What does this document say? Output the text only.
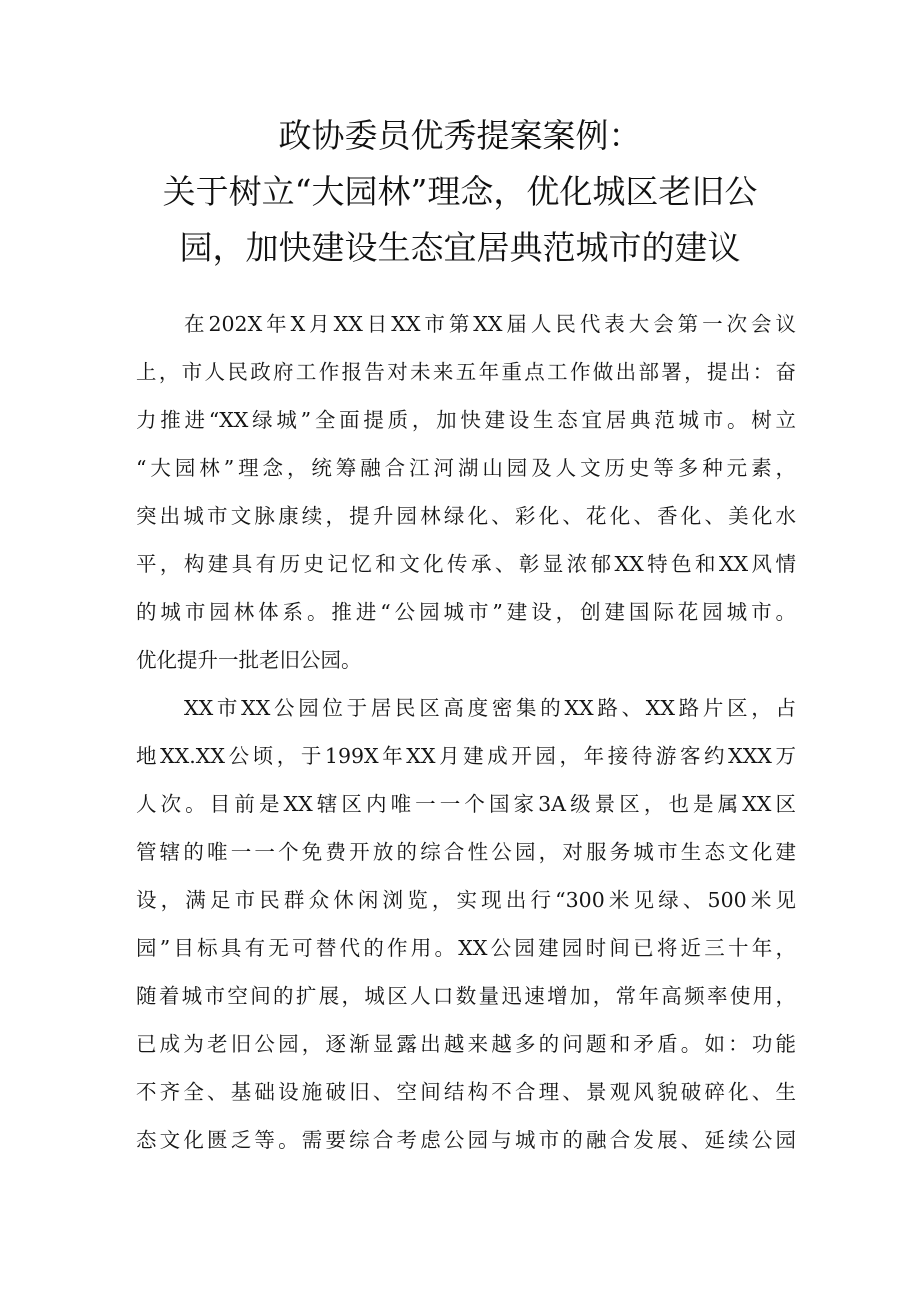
政协委员优秀提案案例：
关于树立“大园林”理念，优化城区老旧公
园，加快建设生态宜居典范城市的建议
在202X年X月XX日XX市第XX届人民代表大会第一次会议
上，市人民政府工作报告对未来五年重点工作做出部署，提出：奋
力推进“XX绿城”全面提质，加快建设生态宜居典范城市。树立
“大园林”理念，统筹融合江河湖山园及人文历史等多种元素，
突出城市文脉康续，提升园林绿化、彩化、花化、香化、美化水
平，构建具有历史记忆和文化传承、彰显浓郁XX特色和XX风情
的城市园林体系。推进“公园城市”建设，创建国际花园城市。
优化提升一批老旧公园。
XX市XX公园位于居民区高度密集的XX路、XX路片区，占
地XX.XX公顷，于199X年XX月建成开园，年接待游客约XXX万
人次。目前是XX辖区内唯一一个国家3A级景区，也是属XX区
管辖的唯一一个免费开放的综合性公园，对服务城市生态文化建
设，满足市民群众休闲浏览，实现出行“300米见绿、500米见
园”目标具有无可替代的作用。XX公园建园时间已将近三十年，
随着城市空间的扩展，城区人口数量迅速增加，常年高频率使用，
已成为老旧公园，逐渐显露出越来越多的问题和矛盾。如：功能
不齐全、基础设施破旧、空间结构不合理、景观风貌破碎化、生
态文化匮乏等。需要综合考虑公园与城市的融合发展、延续公园
